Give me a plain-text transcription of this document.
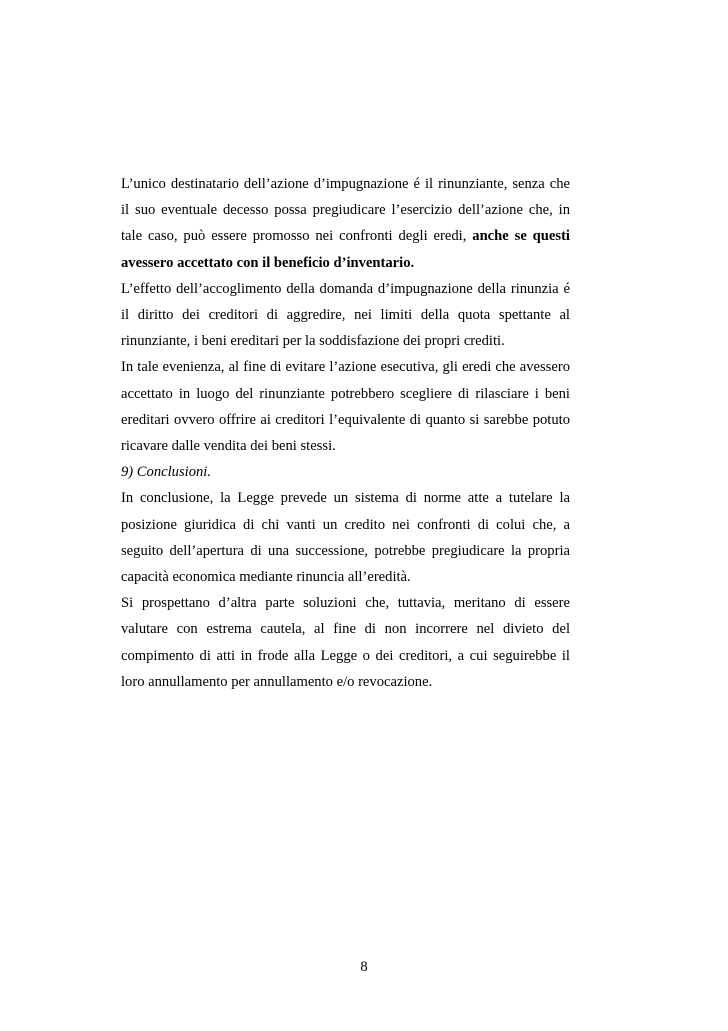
L’unico destinatario dell’azione d’impugnazione é il rinunziante, senza che il suo eventuale decesso possa pregiudicare l’esercizio dell’azione che, in tale caso, può essere promosso nei confronti degli eredi, anche se questi avessero accettato con il beneficio d’inventario.

L’effetto dell’accoglimento della domanda d’impugnazione della rinunzia é il diritto dei creditori di aggredire, nei limiti della quota spettante al rinunziante, i beni ereditari per la soddisfazione dei propri crediti.

In tale evenienza, al fine di evitare l’azione esecutiva, gli eredi che avessero accettato in luogo del rinunziante potrebbero scegliere di rilasciare i beni ereditari ovvero offrire ai creditori l’equivalente di quanto si sarebbe potuto ricavare dalle vendita dei beni stessi.

9) Conclusioni.

In conclusione, la Legge prevede un sistema di norme atte a tutelare la posizione giuridica di chi vanti un credito nei confronti di colui che, a seguito dell’apertura di una successione, potrebbe pregiudicare la propria capacità economica mediante rinuncia all’eredità.

Si prospettano d’altra parte soluzioni che, tuttavia, meritano di essere valutare con estrema cautela, al fine di non incorrere nel divieto del compimento di atti in frode alla Legge o dei creditori, a cui seguirebbe il loro annullamento per annullamento e/o revocazione.

8
